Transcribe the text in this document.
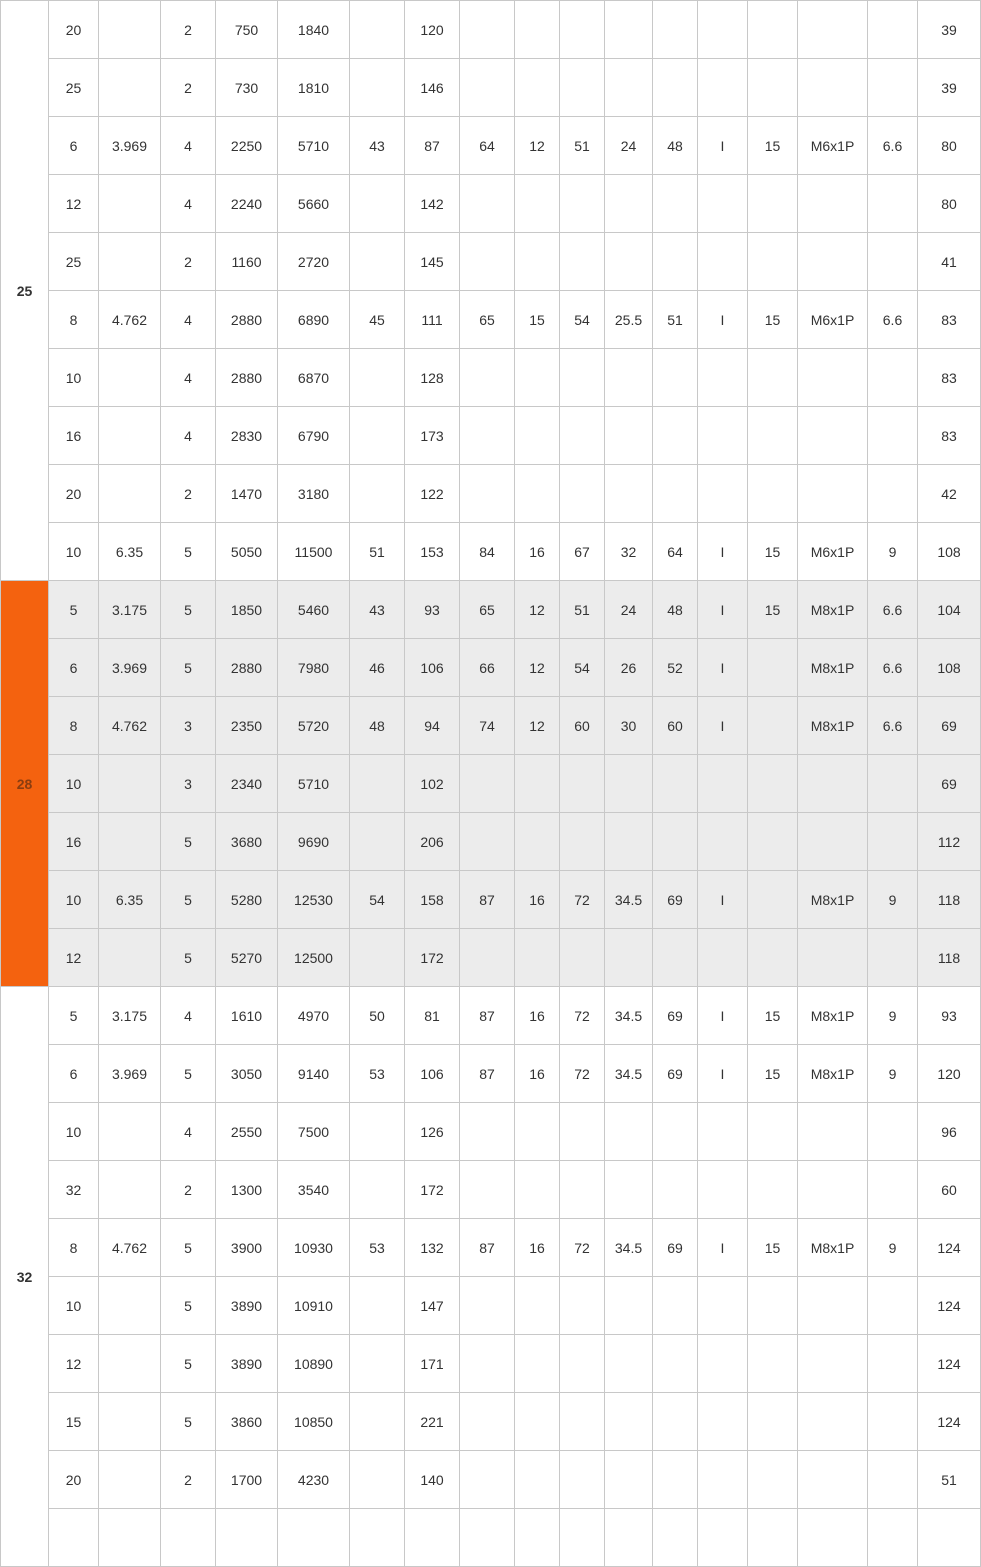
25	20		2	750	1840		120										39
	25		2	730	1810		146										39
	6	3.969	4	2250	5710	43	87	64	12	51	24	48	I	15	M6x1P	6.6	80
	12		4	2240	5660		142										80
	25		2	1160	2720		145										41
	8	4.762	4	2880	6890	45	111	65	15	54	25.5	51	I	15	M6x1P	6.6	83
	10		4	2880	6870		128										83
	16		4	2830	6790		173										83
	20		2	1470	3180		122										42
	10	6.35	5	5050	11500	51	153	84	16	67	32	64	I	15	M6x1P	9	108
28	5	3.175	5	1850	5460	43	93	65	12	51	24	48	I	15	M8x1P	6.6	104
	6	3.969	5	2880	7980	46	106	66	12	54	26	52	I		M8x1P	6.6	108
	8	4.762	3	2350	5720	48	94	74	12	60	30	60	I		M8x1P	6.6	69
	10		3	2340	5710		102										69
	16		5	3680	9690		206										112
	10	6.35	5	5280	12530	54	158	87	16	72	34.5	69	I		M8x1P	9	118
	12		5	5270	12500		172										118
32	5	3.175	4	1610	4970	50	81	87	16	72	34.5	69	I	15	M8x1P	9	93
	6	3.969	5	3050	9140	53	106	87	16	72	34.5	69	I	15	M8x1P	9	120
	10		4	2550	7500		126										96
	32		2	1300	3540		172										60
	8	4.762	5	3900	10930	53	132	87	16	72	34.5	69	I	15	M8x1P	9	124
	10		5	3890	10910		147										124
	12		5	3890	10890		171										124
	15		5	3860	10850		221										124
	20		2	1700	4230		140										51
